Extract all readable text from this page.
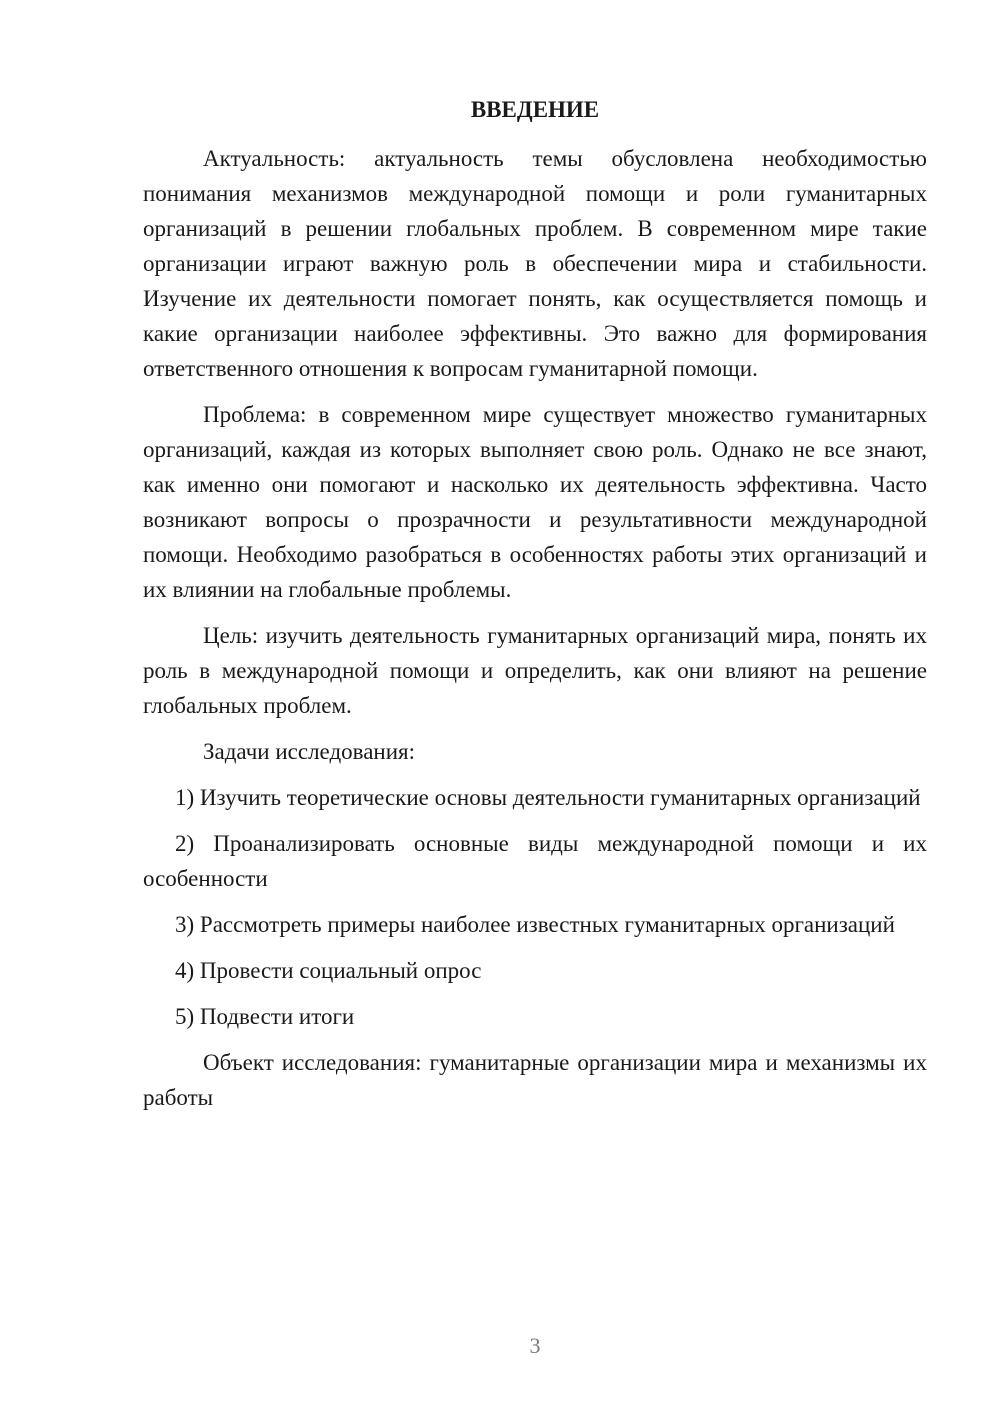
ВВЕДЕНИЕ

Актуальность: актуальность темы обусловлена необходимостью понимания механизмов международной помощи и роли гуманитарных организаций в решении глобальных проблем. В современном мире такие организации играют важную роль в обеспечении мира и стабильности. Изучение их деятельности помогает понять, как осуществляется помощь и какие организации наиболее эффективны. Это важно для формирования ответственного отношения к вопросам гуманитарной помощи.

Проблема: в современном мире существует множество гуманитарных организаций, каждая из которых выполняет свою роль. Однако не все знают, как именно они помогают и насколько их деятельность эффективна. Часто возникают вопросы о прозрачности и результативности международной помощи. Необходимо разобраться в особенностях работы этих организаций и их влиянии на глобальные проблемы.

Цель: изучить деятельность гуманитарных организаций мира, понять их роль в международной помощи и определить, как они влияют на решение глобальных проблем.

Задачи исследования:

1) Изучить теоретические основы деятельности гуманитарных организаций

2) Проанализировать основные виды международной помощи и их особенности

3) Рассмотреть примеры наиболее известных гуманитарных организаций

4) Провести социальный опрос

5) Подвести итоги

Объект исследования: гуманитарные организации мира и механизмы их работы

3
